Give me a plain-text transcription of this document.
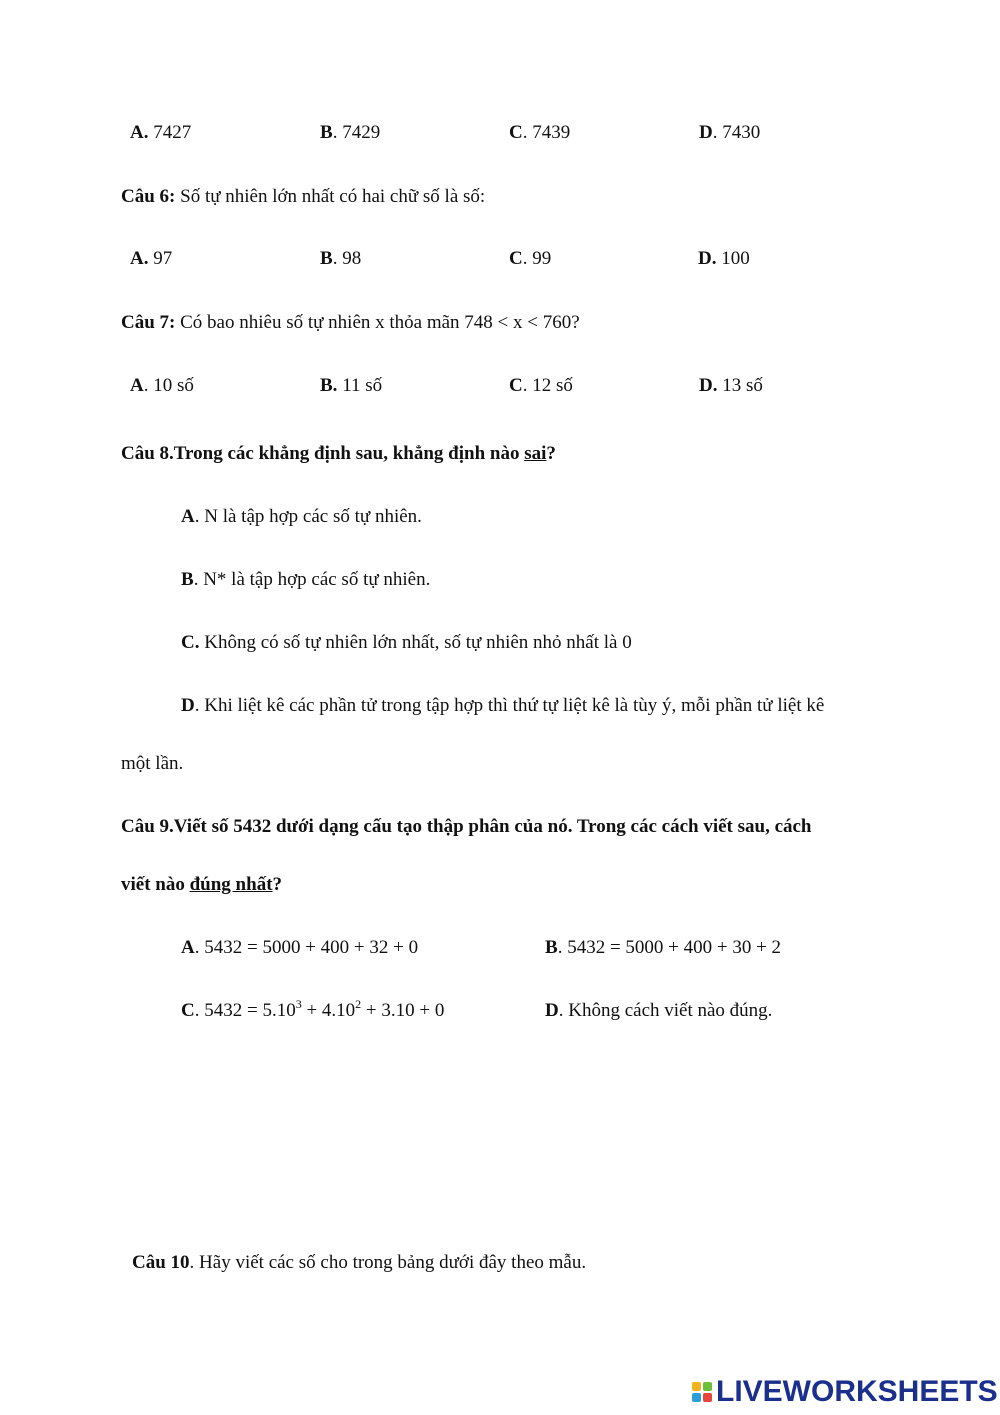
A. 7427	B. 7429	C. 7439	D. 7430
Câu 6: Số tự nhiên lớn nhất có hai chữ số là số:
A. 97	B. 98	C. 99	D. 100
Câu 7: Có bao nhiêu số tự nhiên x thỏa mãn 748 < x < 760?
A. 10 số	B. 11 số	C. 12 số	D. 13 số
Câu 8.Trong các khẳng định sau, khẳng định nào sai?
A. N là tập hợp các số tự nhiên.
B. N* là tập hợp các số tự nhiên.
C. Không có số tự nhiên lớn nhất, số tự nhiên nhỏ nhất là 0
D. Khi liệt kê các phần tử trong tập hợp thì thứ tự liệt kê là tùy ý, mỗi phần tử liệt kê
một lần.
Câu 9.Viết số 5432 dưới dạng cấu tạo thập phân của nó. Trong các cách viết sau, cách
viết nào đúng nhất?
A. 5432 = 5000 + 400 + 32 + 0	B. 5432 = 5000 + 400 + 30 + 2
C. $5432 = 5.10^3 + 4.10^2 + 3.10 + 0$	D. Không cách viết nào đúng.
Câu 10. Hãy viết các số cho trong bảng dưới đây theo mẫu.
LIVEWORKSHEETS
